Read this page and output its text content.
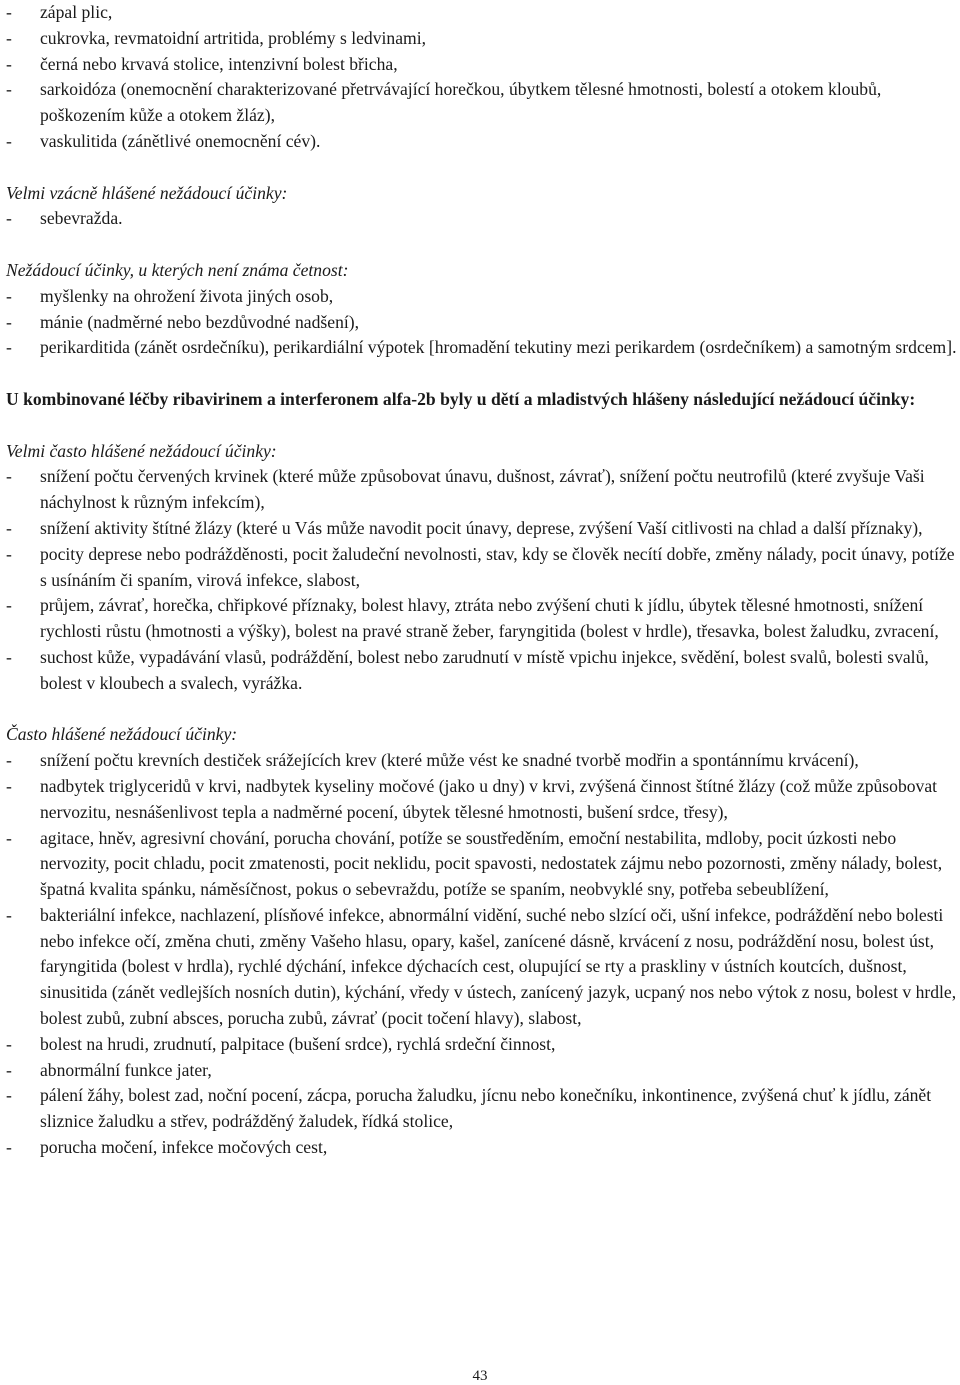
- zápal plic,
- cukrovka, revmatoidní artritida, problémy s ledvinami,
- černá nebo krvavá stolice, intenzivní bolest břicha,
- sarkoidóza (onemocnění charakterizované přetrvávající horečkou, úbytkem tělesné hmotnosti, bolestí a otokem kloubů, poškozením kůže a otokem žláz),
- vaskulitida (zánětlivé onemocnění cév).

Velmi vzácně hlášené nežádoucí účinky:

- sebevražda.

Nežádoucí účinky, u kterých není známa četnost:

- myšlenky na ohrožení života jiných osob,
- mánie (nadměrné nebo bezdůvodné nadšení),
- perikarditida (zánět osrdečníku), perikardiální výpotek [hromadění tekutiny mezi perikardem (osrdečníkem) a samotným srdcem].

U kombinované léčby ribavirinem a interferonem alfa-2b byly u dětí a mladistvých hlášeny následující nežádoucí účinky:

Velmi často hlášené nežádoucí účinky:

- snížení počtu červených krvinek (které může způsobovat únavu, dušnost, závrať), snížení počtu neutrofilů (které zvyšuje Vaši náchylnost k různým infekcím),
- snížení aktivity štítné žlázy (které u Vás může navodit pocit únavy, deprese, zvýšení Vaší citlivosti na chlad a další příznaky),
- pocity deprese nebo podrážděnosti, pocit žaludeční nevolnosti, stav, kdy se člověk necítí dobře, změny nálady, pocit únavy, potíže s usínáním či spaním, virová infekce, slabost,
- průjem, závrať, horečka, chřipkové příznaky, bolest hlavy, ztráta nebo zvýšení chuti k jídlu, úbytek tělesné hmotnosti, snížení rychlosti růstu (hmotnosti a výšky), bolest na pravé straně žeber, faryngitida (bolest v hrdle), třesavka, bolest žaludku, zvracení,
- suchost kůže, vypadávání vlasů, podráždění, bolest nebo zarudnutí v místě vpichu injekce, svědění, bolest svalů, bolesti svalů, bolest v kloubech a svalech, vyrážka.

Často hlášené nežádoucí účinky:

- snížení počtu krevních destiček srážejících krev (které může vést ke snadné tvorbě modřin a spontánnímu krvácení),
- nadbytek triglyceridů v krvi, nadbytek kyseliny močové (jako u dny) v krvi, zvýšená činnost štítné žlázy (což může způsobovat nervozitu, nesnášenlivost tepla a nadměrné pocení, úbytek tělesné hmotnosti, bušení srdce, třesy),
- agitace, hněv, agresivní chování, porucha chování, potíže se soustředěním, emoční nestabilita, mdloby, pocit úzkosti nebo nervozity, pocit chladu, pocit zmatenosti, pocit neklidu, pocit spavosti, nedostatek zájmu nebo pozornosti, změny nálady, bolest, špatná kvalita spánku, náměsíčnost, pokus o sebevraždu, potíže se spaním, neobvyklé sny, potřeba sebeublížení,
- bakteriální infekce, nachlazení, plísňové infekce, abnormální vidění, suché nebo slzící oči, ušní infekce, podráždění nebo bolesti nebo infekce očí, změna chuti, změny Vašeho hlasu, opary, kašel, zanícené dásně, krvácení z nosu, podráždění nosu, bolest úst, faryngitida (bolest v hrdla), rychlé dýchání, infekce dýchacích cest, olupující se rty a praskliny v ústních koutcích, dušnost, sinusitida (zánět vedlejších nosních dutin), kýchání, vředy v ústech, zanícený jazyk, ucpaný nos nebo výtok z nosu, bolest v hrdle, bolest zubů, zubní absces, porucha zubů, závrať (pocit točení hlavy), slabost,
- bolest na hrudi, zrudnutí, palpitace (bušení srdce), rychlá srdeční činnost,
- abnormální funkce jater,
- pálení žáhy, bolest zad, noční pocení, zácpa, porucha žaludku, jícnu nebo konečníku, inkontinence, zvýšená chuť k jídlu, zánět sliznice žaludku a střev, podrážděný žaludek, řídká stolice,
- porucha močení, infekce močových cest,
43
